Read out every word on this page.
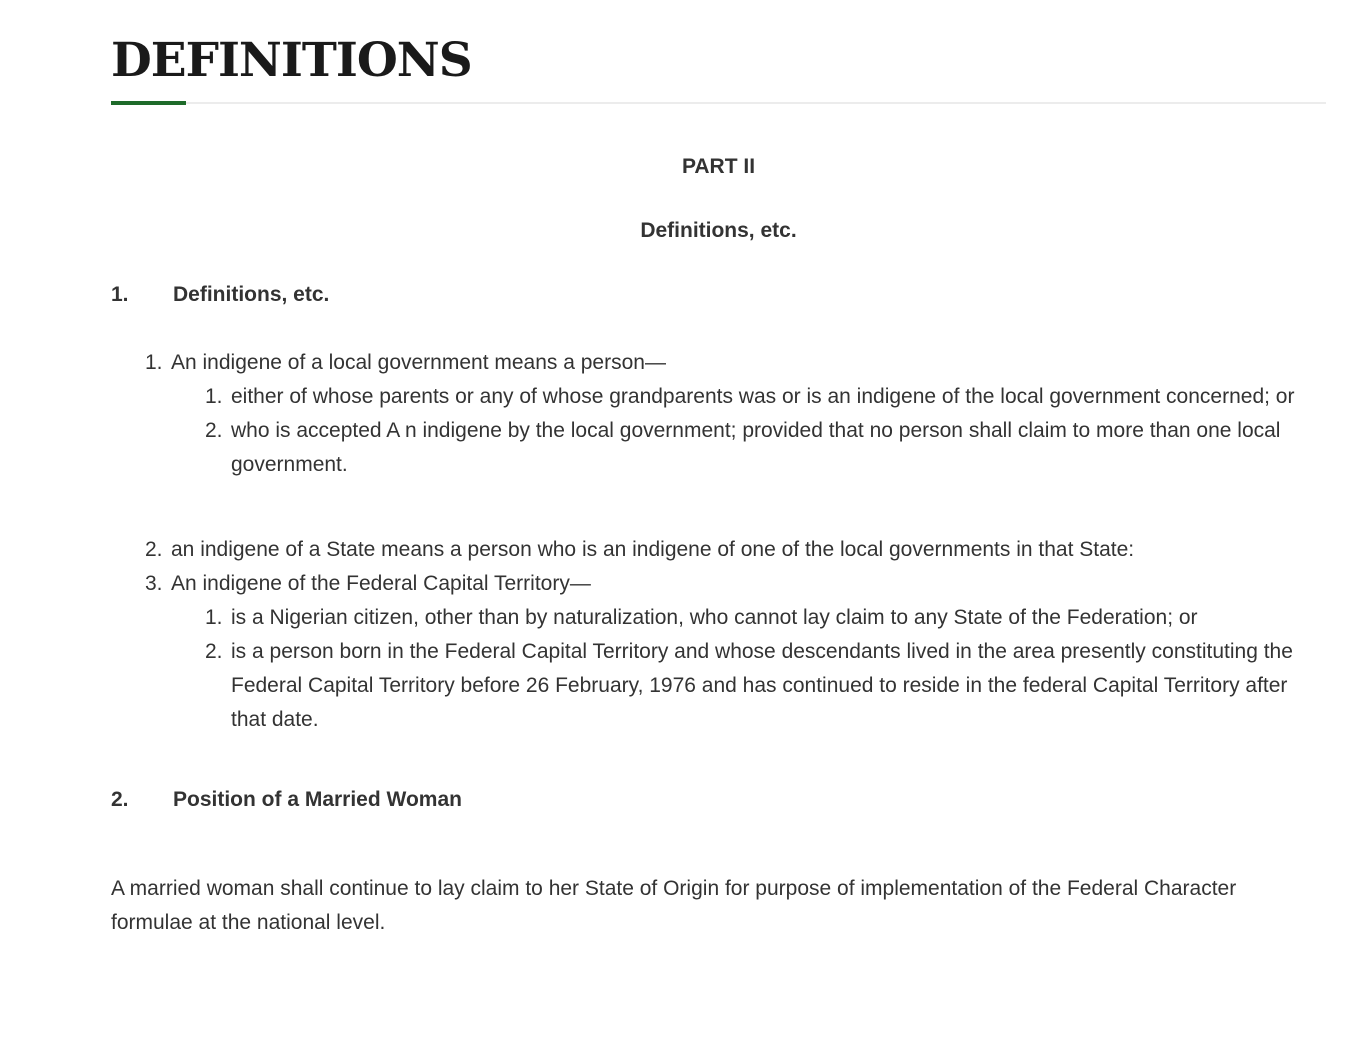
DEFINITIONS

PART II

Definitions, etc.

1. Definitions, etc.
1. An indigene of a local government means a person—
1. either of whose parents or any of whose grandparents was or is an indigene of the local government concerned; or
2. who is accepted A n indigene by the local government; provided that no person shall claim to more than one local government.
2. an indigene of a State means a person who is an indigene of one of the local governments in that State:
3. An indigene of the Federal Capital Territory—
1. is a Nigerian citizen, other than by naturalization, who cannot lay claim to any State of the Federation; or
2. is a person born in the Federal Capital Territory and whose descendants lived in the area presently constituting the Federal Capital Territory before 26 February, 1976 and has continued to reside in the federal Capital Territory after that date.
2. Position of a Married Woman

A married woman shall continue to lay claim to her State of Origin for purpose of implementation of the Federal Character formulae at the national level.
